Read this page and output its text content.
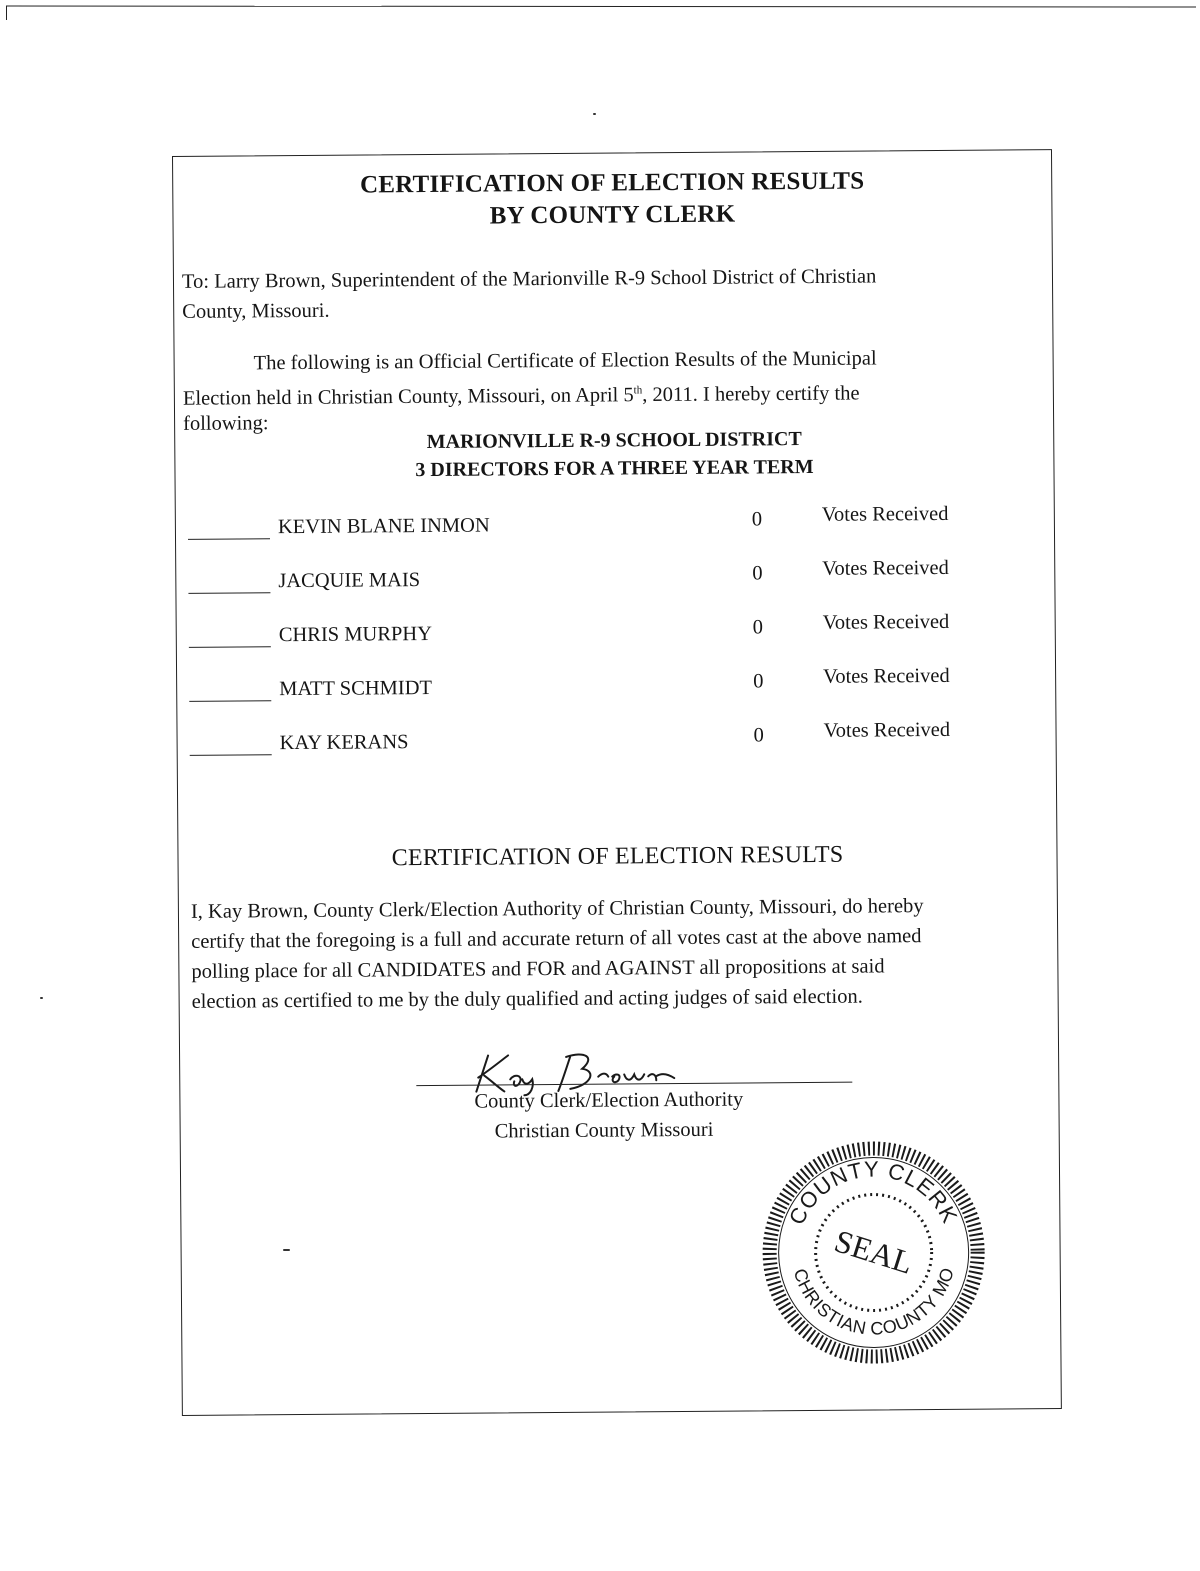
CERTIFICATION OF ELECTION RESULTS
BY COUNTY CLERK
To: Larry Brown, Superintendent of the Marionville R-9 School District of Christian
County, Missouri.
The following is an Official Certificate of Election Results of the Municipal
Election held in Christian County, Missouri, on April 5th, 2011. I hereby certify the
following:
MARIONVILLE R-9 SCHOOL DISTRICT
3 DIRECTORS FOR A THREE YEAR TERM
KEVIN BLANE INMON	0	Votes Received
JACQUIE MAIS	0	Votes Received
CHRIS MURPHY	0	Votes Received
MATT SCHMIDT	0	Votes Received
KAY KERANS	0	Votes Received
CERTIFICATION OF ELECTION RESULTS
I, Kay Brown, County Clerk/Election Authority of Christian County, Missouri, do hereby
certify that the foregoing is a full and accurate return of all votes cast at the above named
polling place for all CANDIDATES and FOR and AGAINST all propositions at said
election as certified to me by the duly qualified and acting judges of said election.
County Clerk/Election Authority
Christian County Missouri
COUNTY CLERK
CHRISTIAN COUNTY MO
SEAL
